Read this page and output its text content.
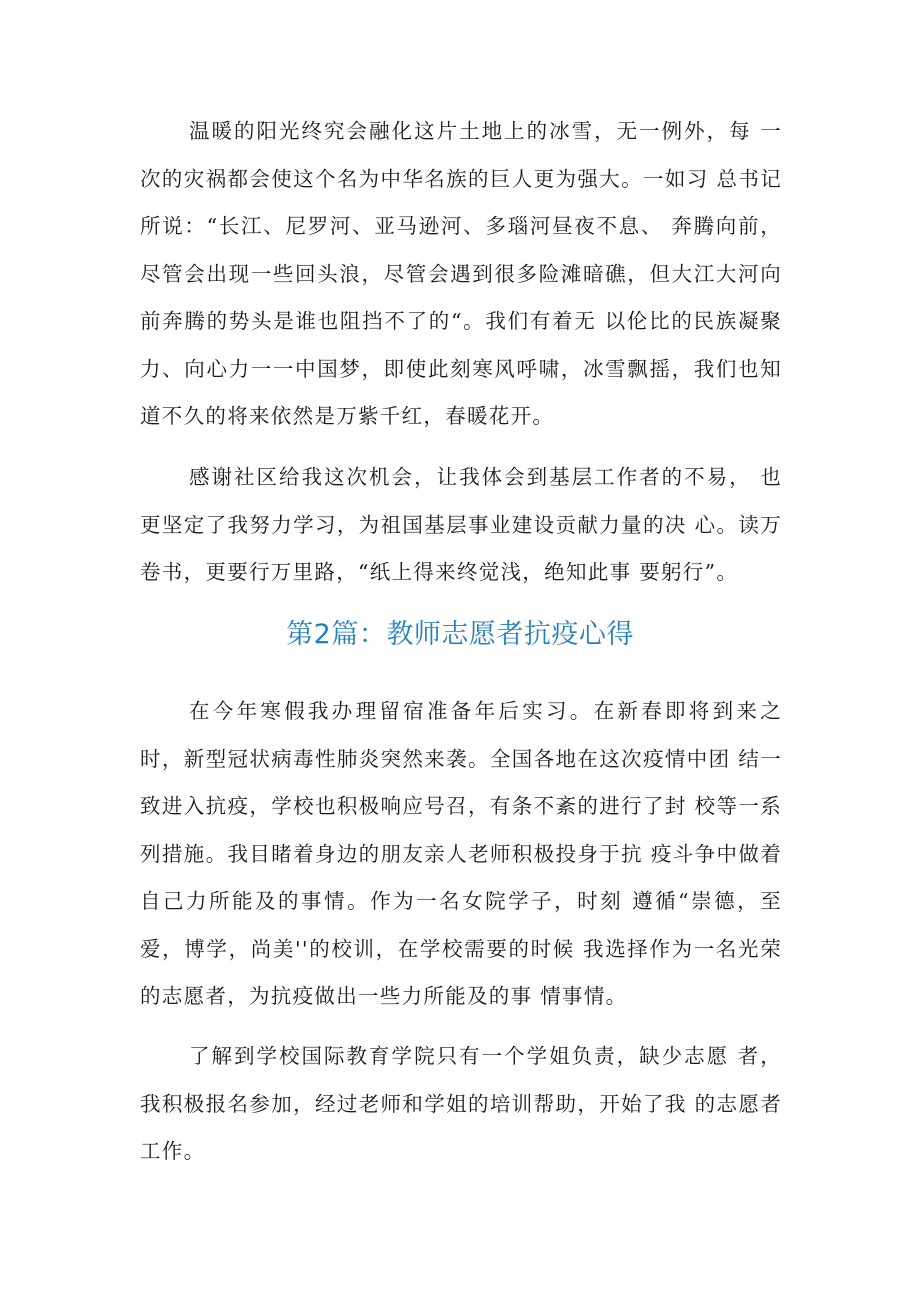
温暖的阳光终究会融化这片土地上的冰雪，无一例外，每 一次的灾祸都会使这个名为中华名族的巨人更为强大。一如习 总书记所说：“长江、尼罗河、亚马逊河、多瑙河昼夜不息、 奔腾向前，尽管会出现一些回头浪，尽管会遇到很多险滩暗礁，但大江大河向前奔腾的势头是谁也阻挡不了的“。我们有着无 以伦比的民族凝聚力、向心力一一中国梦，即使此刻寒风呼啸，冰雪飘摇，我们也知道不久的将来依然是万紫千红，春暖花开。

感谢社区给我这次机会，让我体会到基层工作者的不易， 也更坚定了我努力学习，为祖国基层事业建设贡献力量的决 心。读万卷书，更要行万里路，“纸上得来终觉浅，绝知此事 要躬行”。

第2篇：教师志愿者抗疫心得

在今年寒假我办理留宿准备年后实习。在新春即将到来之 时，新型冠状病毒性肺炎突然来袭。全国各地在这次疫情中团 结一致进入抗疫，学校也积极响应号召，有条不紊的进行了封 校等一系列措施。我目睹着身边的朋友亲人老师积极投身于抗 疫斗争中做着自己力所能及的事情。作为一名女院学子，时刻 遵循“崇德，至爱，博学，尚美''的校训，在学校需要的时候 我选择作为一名光荣的志愿者，为抗疫做出一些力所能及的事 情事情。

了解到学校国际教育学院只有一个学姐负责，缺少志愿 者，我积极报名参加，经过老师和学姐的培训帮助，开始了我 的志愿者工作。
